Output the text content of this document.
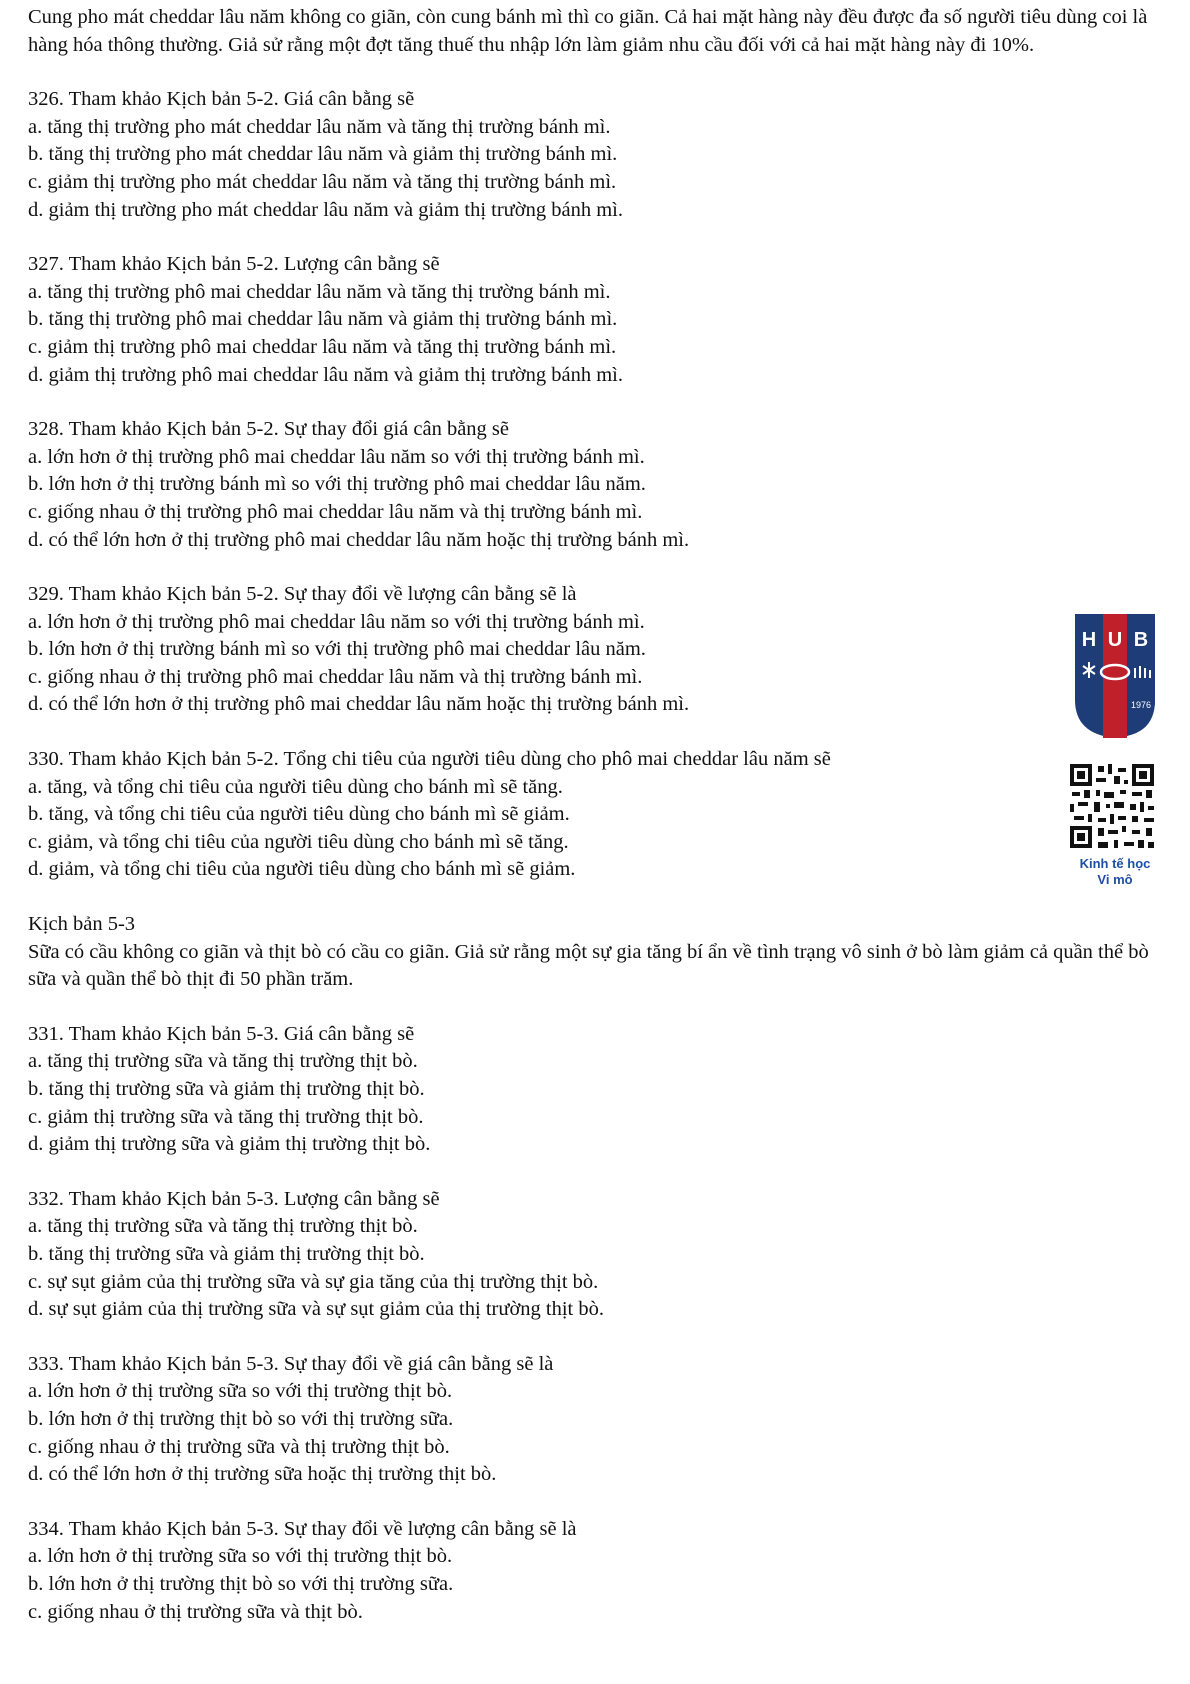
Cung pho mát cheddar lâu năm không co giãn, còn cung bánh mì thì co giãn. Cả hai mặt hàng này đều được đa số người tiêu dùng coi là hàng hóa thông thường. Giả sử rằng một đợt tăng thuế thu nhập lớn làm giảm nhu cầu đối với cả hai mặt hàng này đi 10%.

326. Tham khảo Kịch bản 5-2. Giá cân bằng sẽ

a. tăng thị trường pho mát cheddar lâu năm và tăng thị trường bánh mì.

b. tăng thị trường pho mát cheddar lâu năm và giảm thị trường bánh mì.

c. giảm thị trường pho mát cheddar lâu năm và tăng thị trường bánh mì.

d. giảm thị trường pho mát cheddar lâu năm và giảm thị trường bánh mì.

327. Tham khảo Kịch bản 5-2. Lượng cân bằng sẽ

a. tăng thị trường phô mai cheddar lâu năm và tăng thị trường bánh mì.

b. tăng thị trường phô mai cheddar lâu năm và giảm thị trường bánh mì.

c. giảm thị trường phô mai cheddar lâu năm và tăng thị trường bánh mì.

d. giảm thị trường phô mai cheddar lâu năm và giảm thị trường bánh mì.

328. Tham khảo Kịch bản 5-2. Sự thay đổi giá cân bằng sẽ

a. lớn hơn ở thị trường phô mai cheddar lâu năm so với thị trường bánh mì.

b. lớn hơn ở thị trường bánh mì so với thị trường phô mai cheddar lâu năm.

c. giống nhau ở thị trường phô mai cheddar lâu năm và thị trường bánh mì.

d. có thể lớn hơn ở thị trường phô mai cheddar lâu năm hoặc thị trường bánh mì.

329. Tham khảo Kịch bản 5-2. Sự thay đổi về lượng cân bằng sẽ là

a. lớn hơn ở thị trường phô mai cheddar lâu năm so với thị trường bánh mì.

b. lớn hơn ở thị trường bánh mì so với thị trường phô mai cheddar lâu năm.

c. giống nhau ở thị trường phô mai cheddar lâu năm và thị trường bánh mì.

d. có thể lớn hơn ở thị trường phô mai cheddar lâu năm hoặc thị trường bánh mì.

330. Tham khảo Kịch bản 5-2. Tổng chi tiêu của người tiêu dùng cho phô mai cheddar lâu năm sẽ

a. tăng, và tổng chi tiêu của người tiêu dùng cho bánh mì sẽ tăng.

b. tăng, và tổng chi tiêu của người tiêu dùng cho bánh mì sẽ giảm.

c. giảm, và tổng chi tiêu của người tiêu dùng cho bánh mì sẽ tăng.

d. giảm, và tổng chi tiêu của người tiêu dùng cho bánh mì sẽ giảm.

Kịch bản 5-3

Sữa có cầu không co giãn và thịt bò có cầu co giãn. Giả sử rằng một sự gia tăng bí ẩn về tình trạng vô sinh ở bò làm giảm cả quần thể bò sữa và quần thể bò thịt đi 50 phần trăm.

331. Tham khảo Kịch bản 5-3. Giá cân bằng sẽ

a. tăng thị trường sữa và tăng thị trường thịt bò.

b. tăng thị trường sữa và giảm thị trường thịt bò.

c. giảm thị trường sữa và tăng thị trường thịt bò.

d. giảm thị trường sữa và giảm thị trường thịt bò.

332. Tham khảo Kịch bản 5-3. Lượng cân bằng sẽ

a. tăng thị trường sữa và tăng thị trường thịt bò.

b. tăng thị trường sữa và giảm thị trường thịt bò.

c. sự sụt giảm của thị trường sữa và sự gia tăng của thị trường thịt bò.

d. sự sụt giảm của thị trường sữa và sự sụt giảm của thị trường thịt bò.

333. Tham khảo Kịch bản 5-3. Sự thay đổi về giá cân bằng sẽ là

a. lớn hơn ở thị trường sữa so với thị trường thịt bò.

b. lớn hơn ở thị trường thịt bò so với thị trường sữa.

c. giống nhau ở thị trường sữa và thị trường thịt bò.

d. có thể lớn hơn ở thị trường sữa hoặc thị trường thịt bò.

334. Tham khảo Kịch bản 5-3. Sự thay đổi về lượng cân bằng sẽ là

a. lớn hơn ở thị trường sữa so với thị trường thịt bò.

b. lớn hơn ở thị trường thịt bò so với thị trường sữa.

c. giống nhau ở thị trường sữa và thịt bò.

H U B
1976
Kinh tế học
Vi mô
